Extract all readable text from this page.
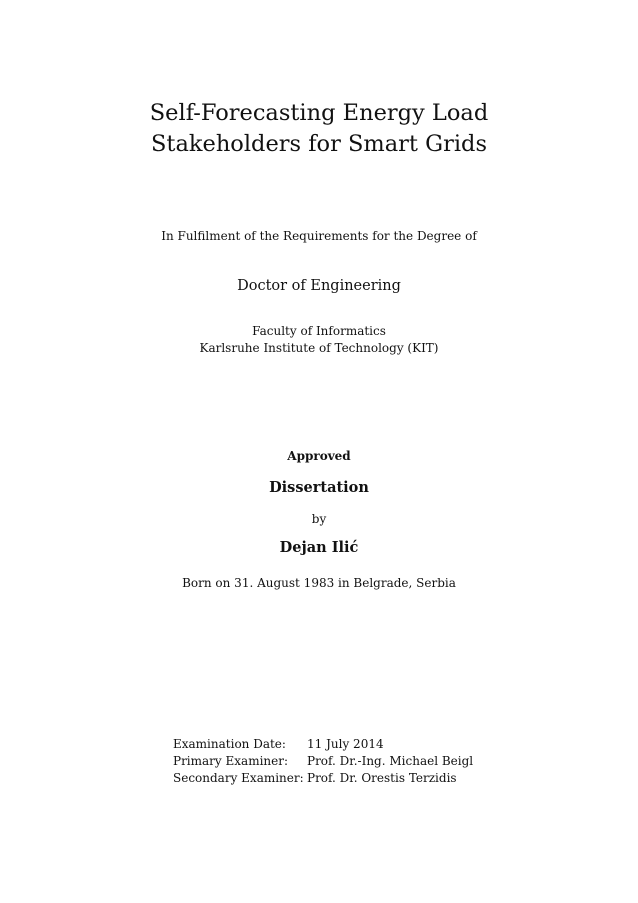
Self-Forecasting Energy Load
Stakeholders for Smart Grids
In Fulfilment of the Requirements for the Degree of
Doctor of Engineering
Faculty of Informatics
Karlsruhe Institute of Technology (KIT)
Approved
Dissertation
by
Dejan Ilić
Born on 31. August 1983 in Belgrade, Serbia
Examination Date:	11 July 2014
Primary Examiner:	Prof. Dr.-Ing. Michael Beigl
Secondary Examiner: Prof. Dr. Orestis Terzidis
